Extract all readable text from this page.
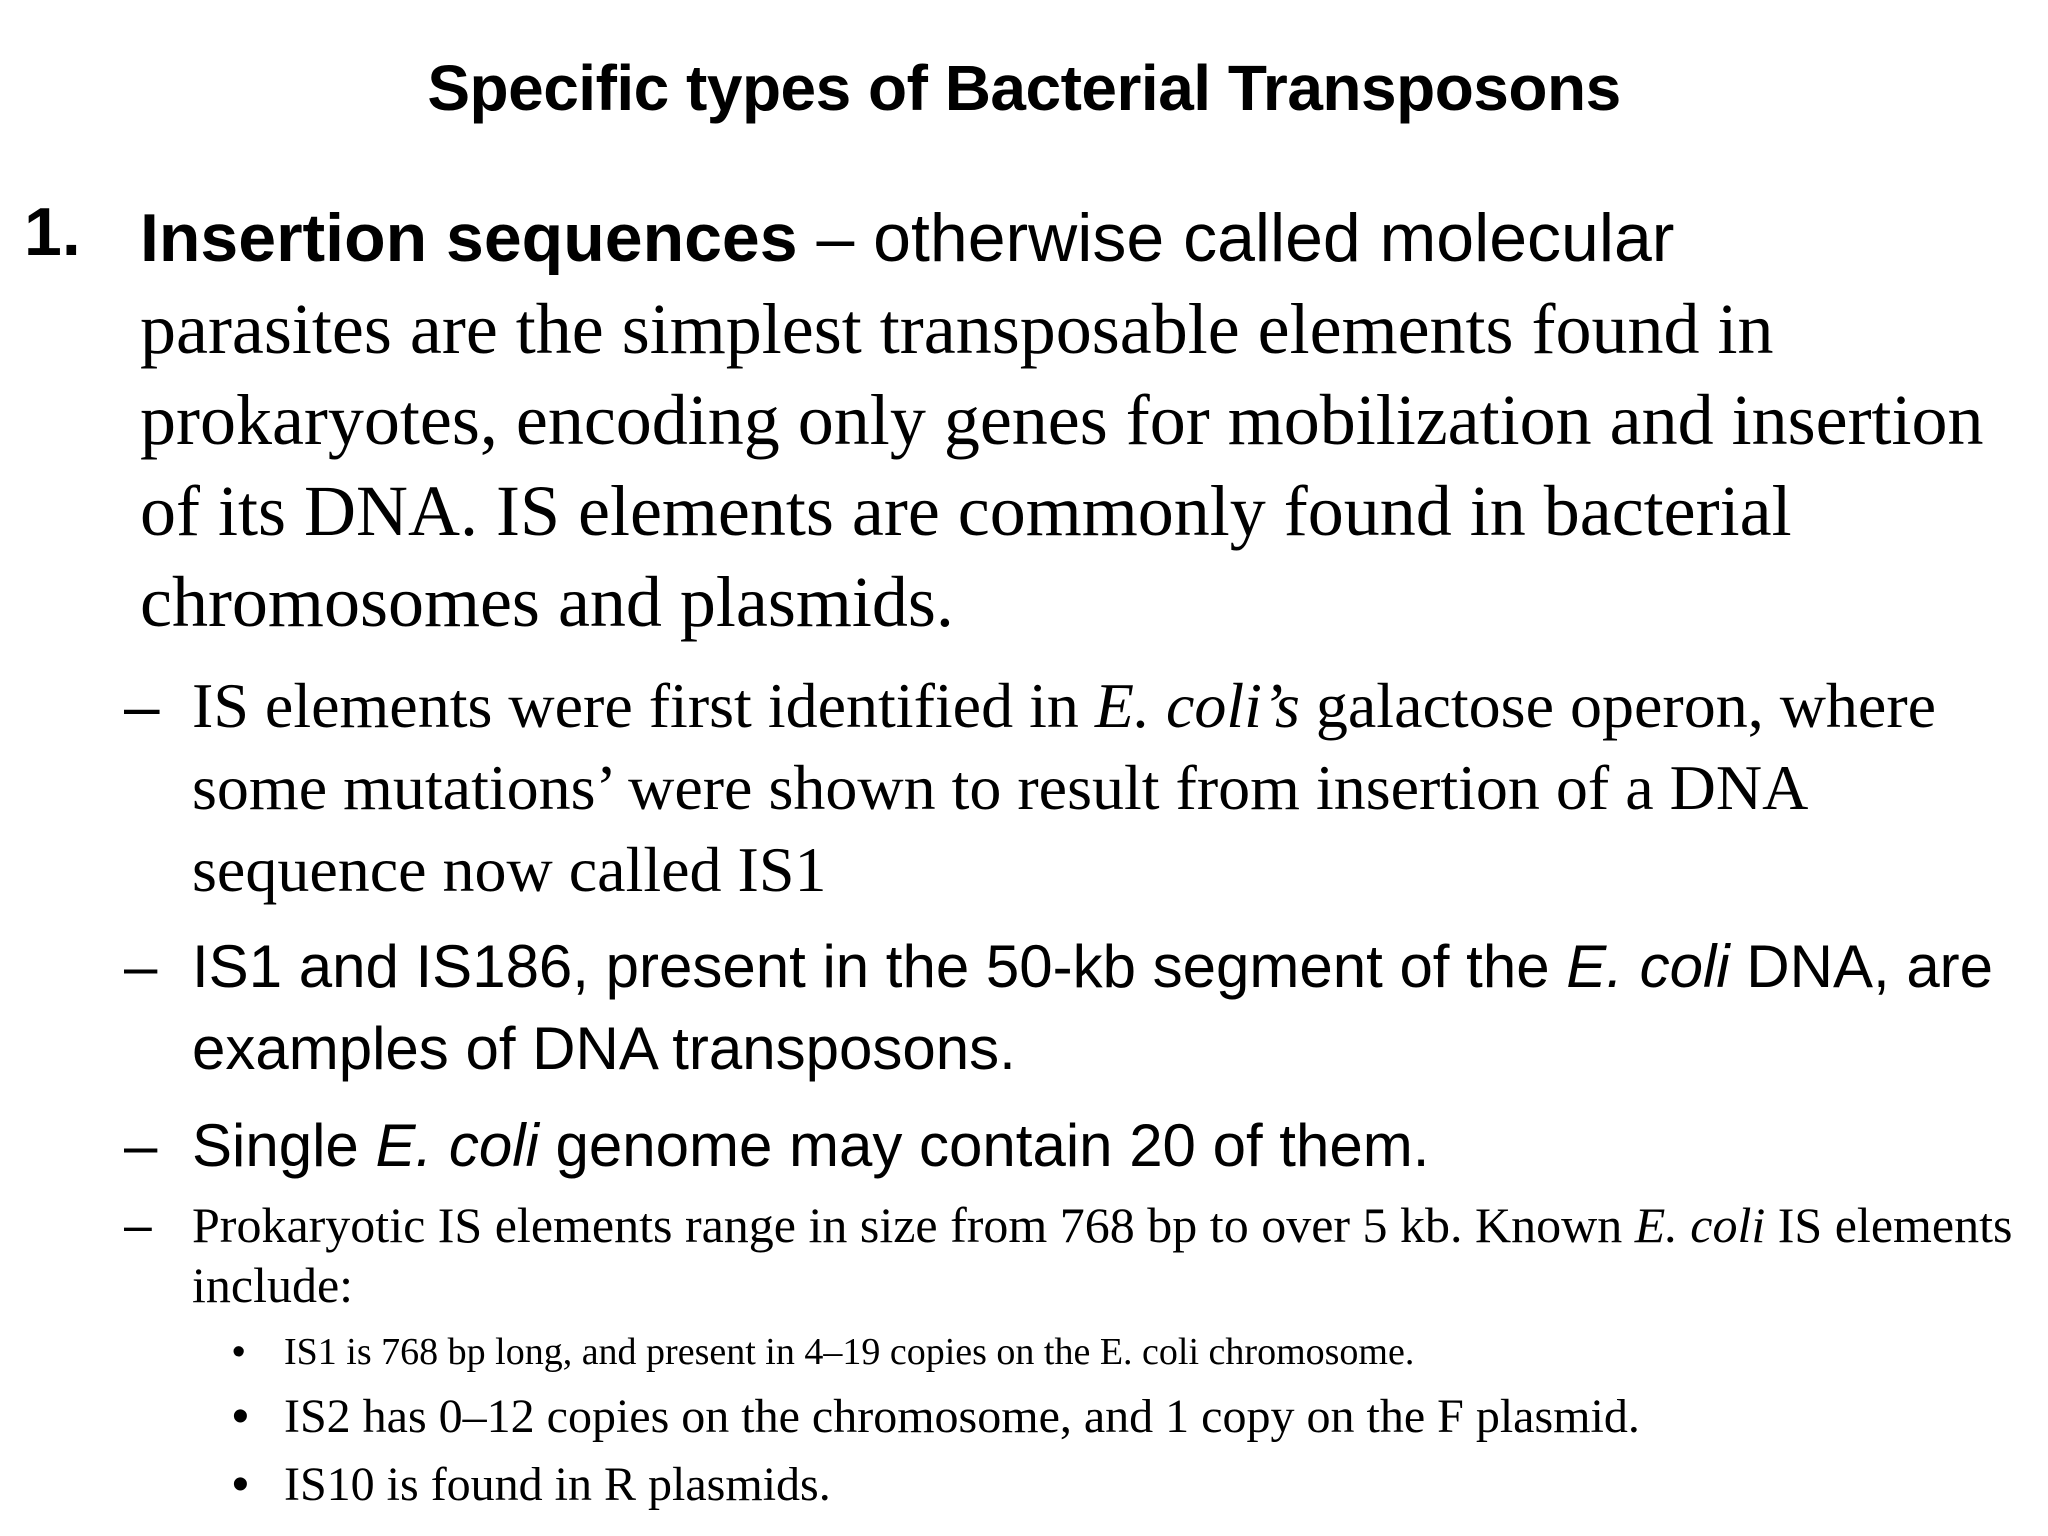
Specific types of Bacterial Transposons
1. Insertion sequences – otherwise called molecular
parasites are the simplest transposable elements found in prokaryotes, encoding only genes for mobilization and insertion of its DNA. IS elements are commonly found in bacterial chromosomes and plasmids.
– IS elements were first identified in E. coli’s galactose operon, where some mutations’ were shown to result from insertion of a DNA sequence now called IS1
– IS1 and IS186, present in the 50-kb segment of the E. coli DNA, are examples of DNA transposons.
– Single E. coli genome may contain 20 of them.
– Prokaryotic IS elements range in size from 768 bp to over 5 kb. Known E. coli IS elements include:
• IS1 is 768 bp long, and present in 4–19 copies on the E. coli chromosome.
• IS2 has 0–12 copies on the chromosome, and 1 copy on the F plasmid.
• IS10 is found in R plasmids.
